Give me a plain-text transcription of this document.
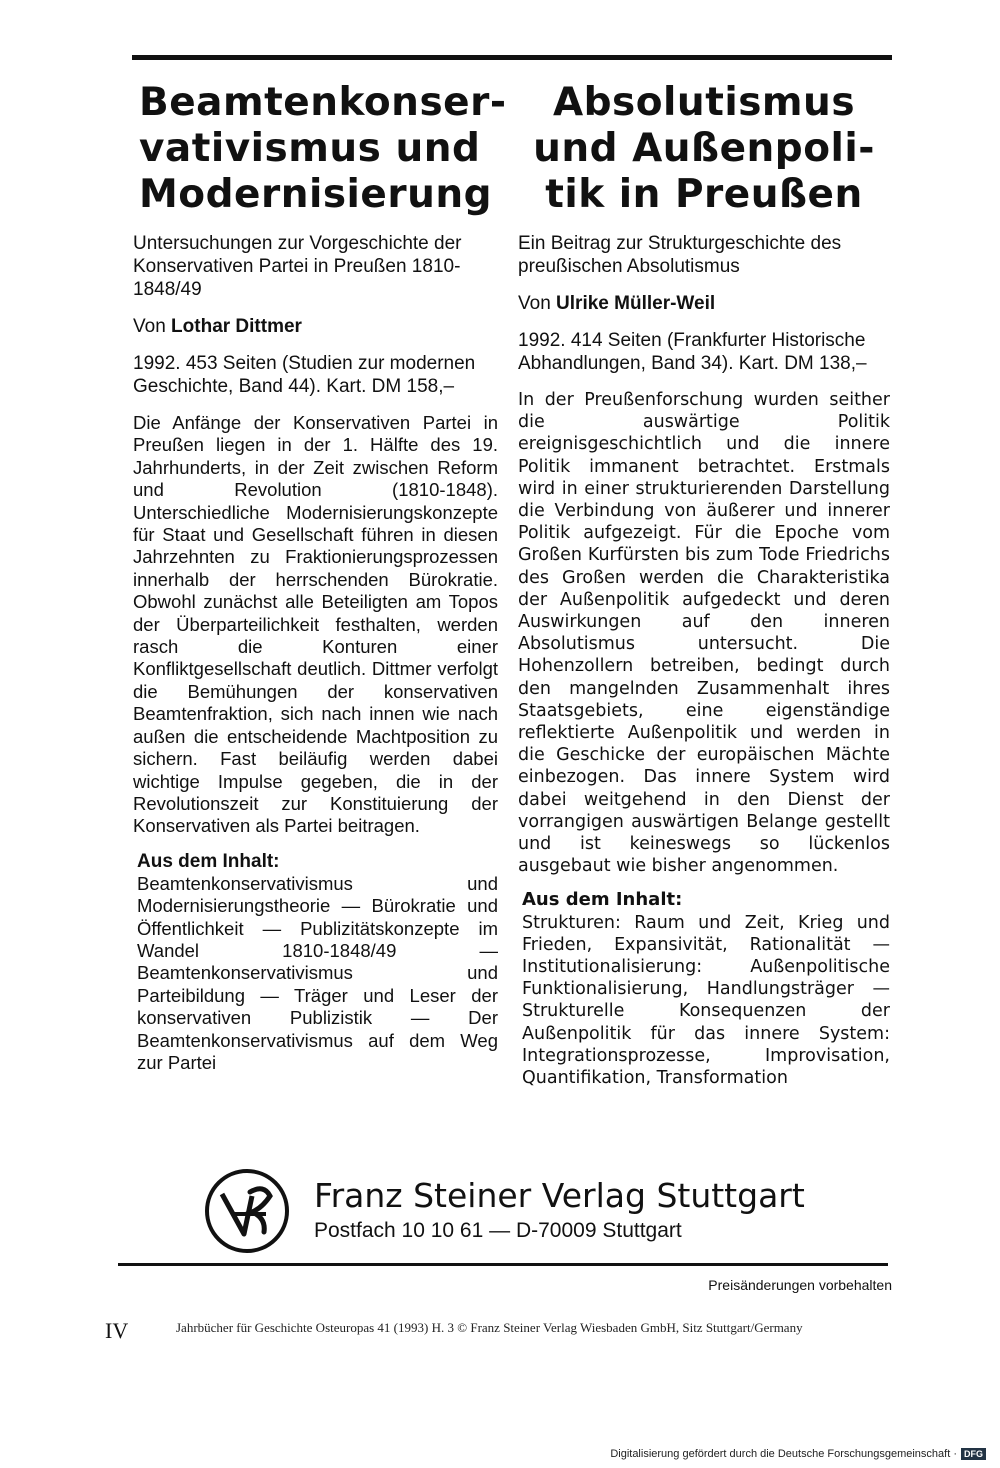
Beamtenkonser-
vativismus und
Modernisierung

Untersuchungen zur Vorgeschichte der Konservativen Partei in Preußen 1810-1848/49

Von Lothar Dittmer

1992. 453 Seiten (Studien zur modernen Geschichte, Band 44). Kart. DM 158,–

Die Anfänge der Konservativen Partei in Preußen liegen in der 1. Hälfte des 19. Jahrhunderts, in der Zeit zwischen Reform und Revolution (1810-1848). Unterschiedliche Modernisierungskonzepte für Staat und Gesellschaft führen in diesen Jahrzehnten zu Fraktionierungsprozessen innerhalb der herrschenden Bürokratie. Obwohl zunächst alle Beteiligten am Topos der Überparteilichkeit festhalten, werden rasch die Konturen einer Konfliktgesellschaft deutlich. Dittmer verfolgt die Bemühungen der konservativen Beamtenfraktion, sich nach innen wie nach außen die entscheidende Machtposition zu sichern. Fast beiläufig werden dabei wichtige Impulse gegeben, die in der Revolutionszeit zur Konstituierung der Konservativen als Partei beitragen.

Aus dem Inhalt:

Beamtenkonservativismus und Modernisierungstheorie — Bürokratie und Öffentlichkeit — Publizitätskonzepte im Wandel 1810-1848/49 — Beamtenkonservativismus und Parteibildung — Träger und Leser der konservativen Publizistik — Der Beamtenkonservativismus auf dem Weg zur Partei

Absolutismus
und Außenpoli-
tik in Preußen

Ein Beitrag zur Strukturgeschichte des preußischen Absolutismus

Von Ulrike Müller-Weil

1992. 414 Seiten (Frankfurter Historische Abhandlungen, Band 34). Kart. DM 138,–

In der Preußenforschung wurden seither die auswärtige Politik ereignisgeschichtlich und die innere Politik immanent betrachtet. Erstmals wird in einer strukturierenden Darstellung die Verbindung von äußerer und innerer Politik aufgezeigt. Für die Epoche vom Großen Kurfürsten bis zum Tode Friedrichs des Großen werden die Charakteristika der Außenpolitik aufgedeckt und deren Auswirkungen auf den inneren Absolutismus untersucht. Die Hohenzollern betreiben, bedingt durch den mangelnden Zusammenhalt ihres Staatsgebiets, eine eigenständige reflektierte Außenpolitik und werden in die Geschicke der europäischen Mächte einbezogen. Das innere System wird dabei weitgehend in den Dienst der vorrangigen auswärtigen Belange gestellt und ist keineswegs so lückenlos ausgebaut wie bisher angenommen.

Aus dem Inhalt:

Strukturen: Raum und Zeit, Krieg und Frieden, Expansivität, Rationalität — Institutionalisierung: Außenpolitische Funktionalisierung, Handlungsträger — Strukturelle Konsequenzen der Außenpolitik für das innere System: Integrationsprozesse, Improvisation, Quantifikation, Transformation

Franz Steiner Verlag Stuttgart
Postfach 10 10 61 — D-70009 Stuttgart
Preisänderungen vorbehalten
IV	Jahrbücher für Geschichte Osteuropas 41 (1993) H. 3 © Franz Steiner Verlag Wiesbaden GmbH, Sitz Stuttgart/Germany
Digitalisierung gefördert durch die Deutsche Forschungsgemeinschaft · DFG
